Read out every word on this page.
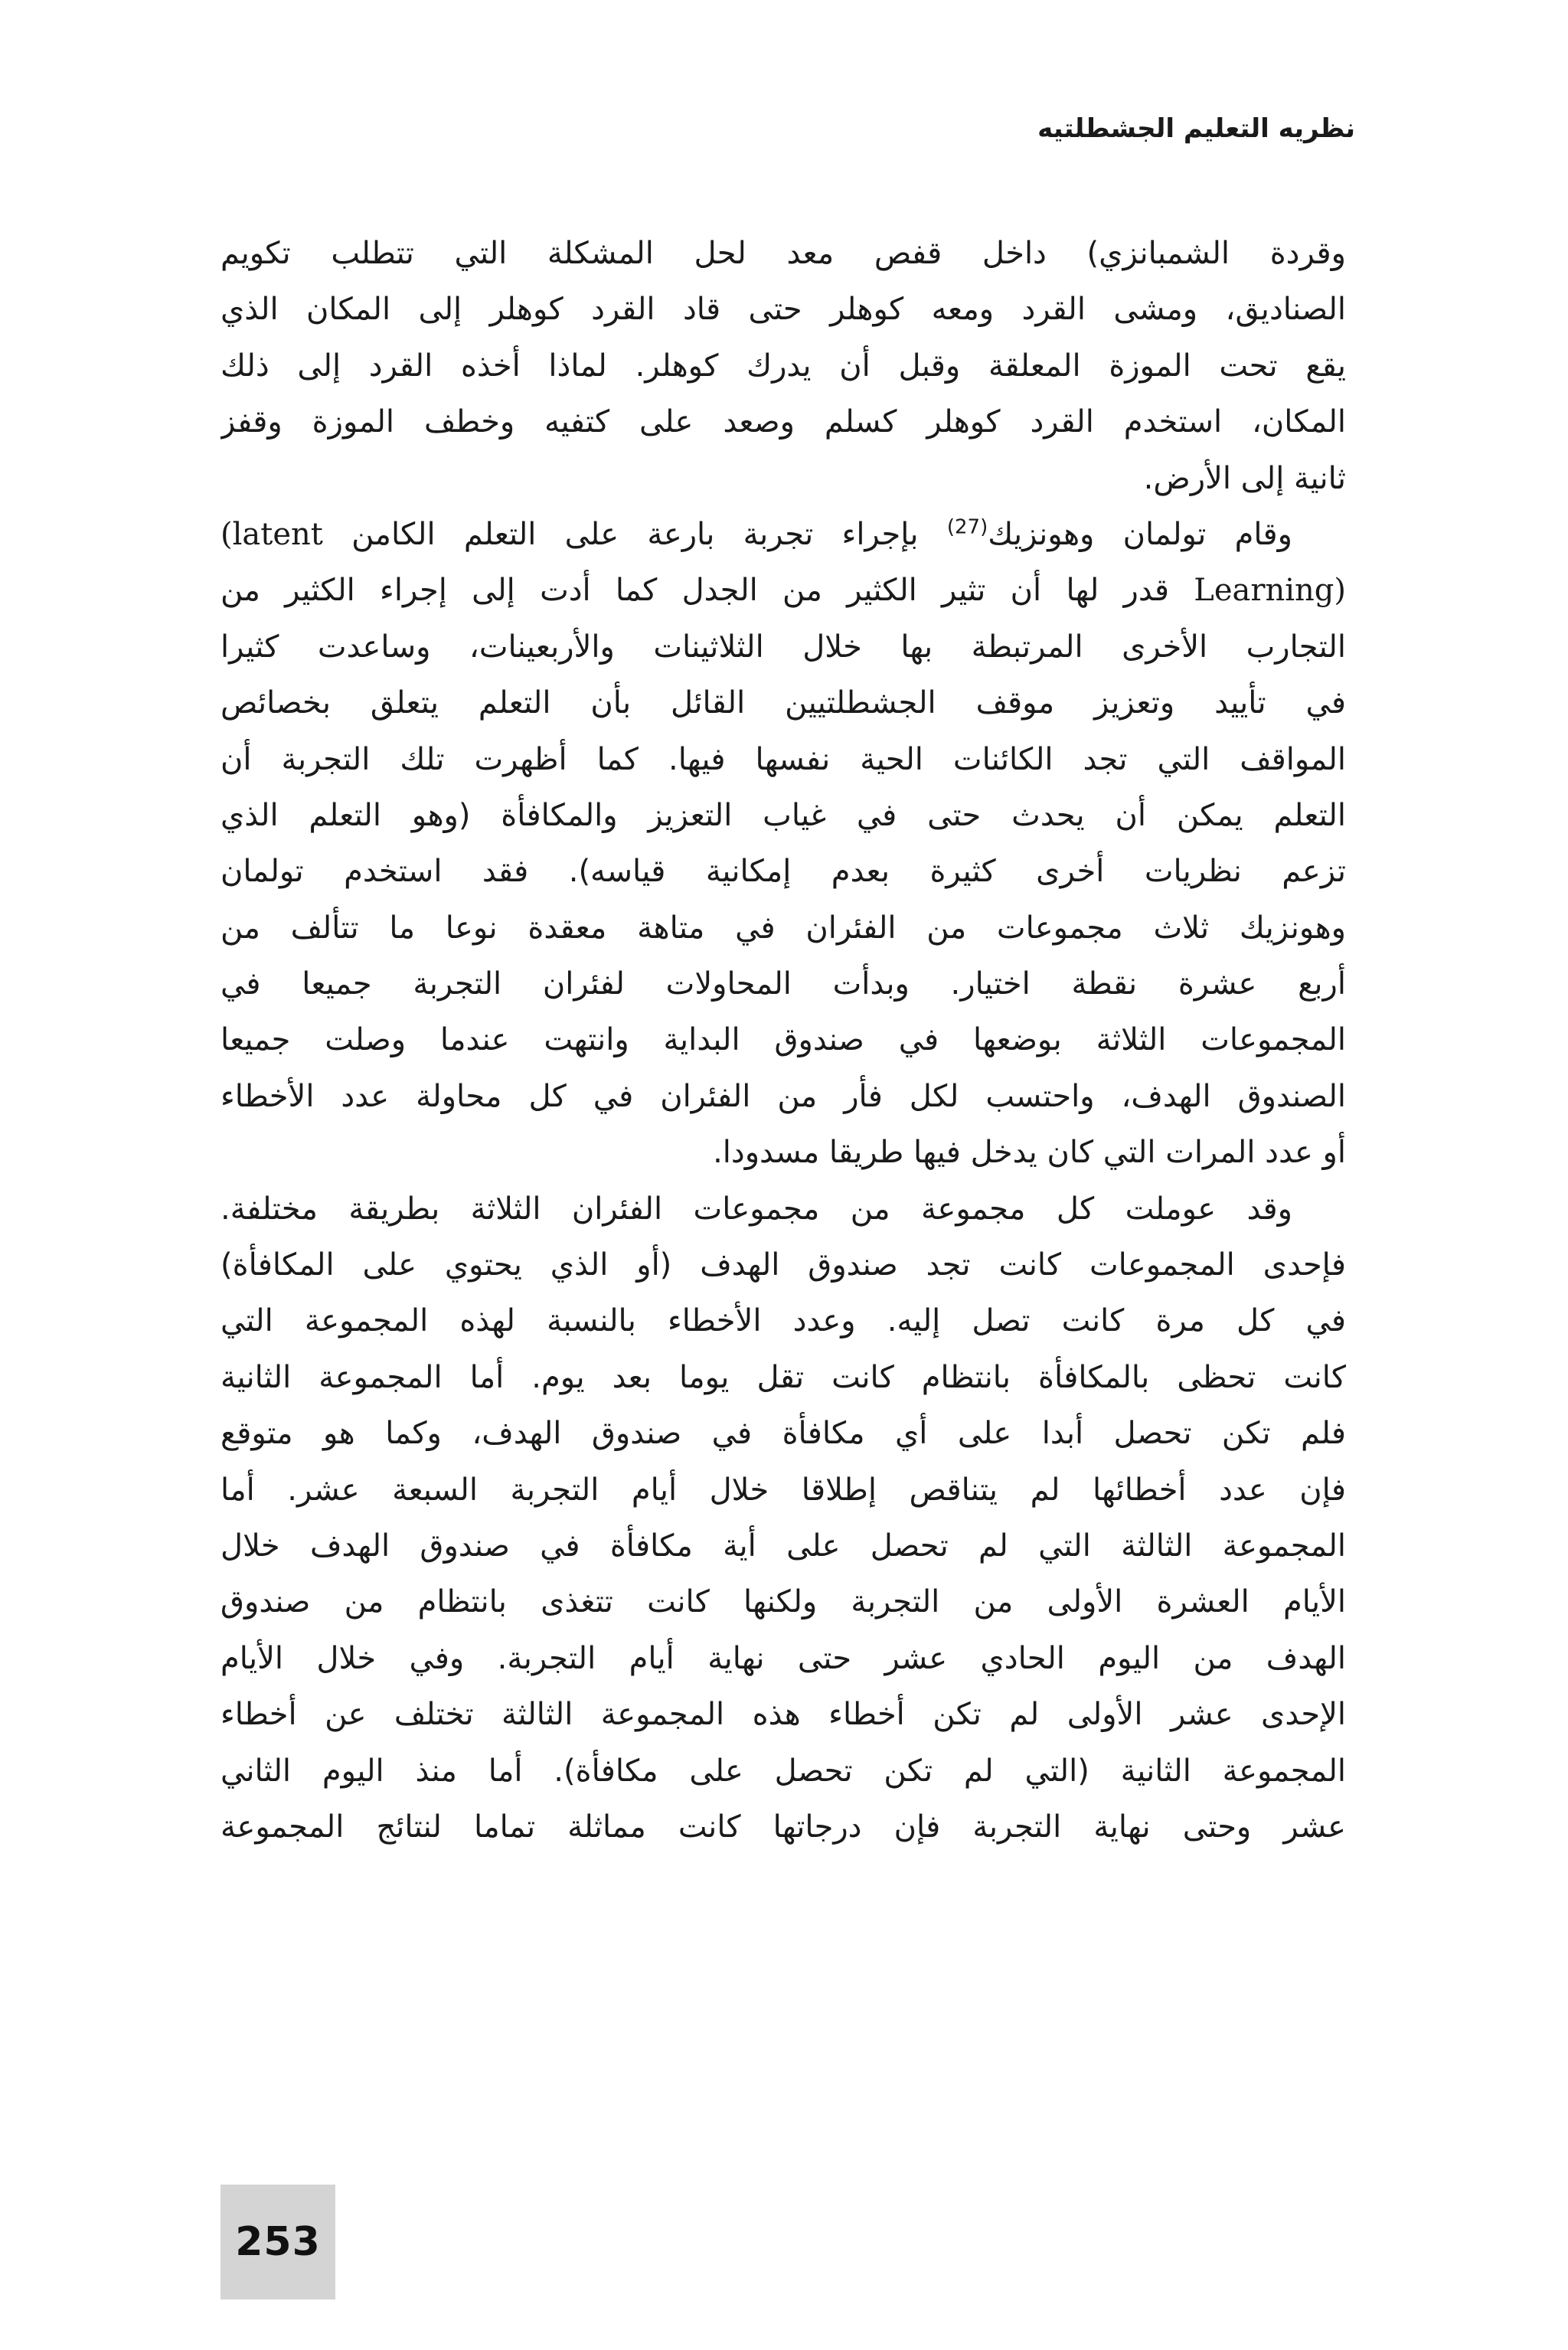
نظريه التعليم الجشطلتيه

وقردة الشمبانزي) داخل قفص معد لحل المشكلة التي تتطلب تكويم
الصناديق، ومشى القرد ومعه كوهلر حتى قاد القرد كوهلر إلى المكان الذي
يقع تحت الموزة المعلقة وقبل أن يدرك كوهلر. لماذا أخذه القرد إلى ذلك
المكان، استخدم القرد كوهلر كسلم وصعد على كتفيه وخطف الموزة وقفز
ثانية إلى الأرض.

وقام تولمان وهونزيك$^{(27)}$ بإجراء تجربة بارعة على التعلم الكامن (latent
Learning) قدر لها أن تثير الكثير من الجدل كما أدت إلى إجراء الكثير من
التجارب الأخرى المرتبطة بها خلال الثلاثينات والأربعينات، وساعدت كثيرا
في تأييد وتعزيز موقف الجشطلتيين القائل بأن التعلم يتعلق بخصائص
المواقف التي تجد الكائنات الحية نفسها فيها. كما أظهرت تلك التجربة أن
التعلم يمكن أن يحدث حتى في غياب التعزيز والمكافأة (وهو التعلم الذي
تزعم نظريات أخرى كثيرة بعدم إمكانية قياسه). فقد استخدم تولمان
وهونزيك ثلاث مجموعات من الفئران في متاهة معقدة نوعا ما تتألف من
أربع عشرة نقطة اختيار. وبدأت المحاولات لفئران التجربة جميعا في
المجموعات الثلاثة بوضعها في صندوق البداية وانتهت عندما وصلت جميعا
الصندوق الهدف، واحتسب لكل فأر من الفئران في كل محاولة عدد الأخطاء
أو عدد المرات التي كان يدخل فيها طريقا مسدودا.

وقد عوملت كل مجموعة من مجموعات الفئران الثلاثة بطريقة مختلفة.
فإحدى المجموعات كانت تجد صندوق الهدف (أو الذي يحتوي على المكافأة)
في كل مرة كانت تصل إليه. وعدد الأخطاء بالنسبة لهذه المجموعة التي
كانت تحظى بالمكافأة بانتظام كانت تقل يوما بعد يوم. أما المجموعة الثانية
فلم تكن تحصل أبدا على أي مكافأة في صندوق الهدف، وكما هو متوقع
فإن عدد أخطائها لم يتناقص إطلاقا خلال أيام التجربة السبعة عشر. أما
المجموعة الثالثة التي لم تحصل على أية مكافأة في صندوق الهدف خلال
الأيام العشرة الأولى من التجربة ولكنها كانت تتغذى بانتظام من صندوق
الهدف من اليوم الحادي عشر حتى نهاية أيام التجربة. وفي خلال الأيام
الإحدى عشر الأولى لم تكن أخطاء هذه المجموعة الثالثة تختلف عن أخطاء
المجموعة الثانية (التي لم تكن تحصل على مكافأة). أما منذ اليوم الثاني
عشر وحتى نهاية التجربة فإن درجاتها كانت مماثلة تماما لنتائج المجموعة

253
